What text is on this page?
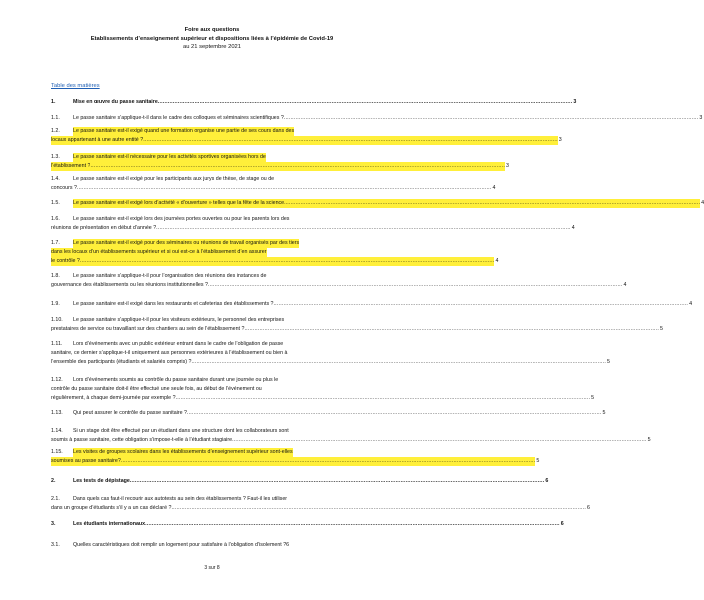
Foire aux questions
Etablissements d’enseignement supérieur et dispositions liées à l’épidémie de Covid-19
au 21 septembre 2021
Table des matières
1.	Mise en œuvre du passe sanitaire .....	3
1.1.	Le passe sanitaire s’applique-t-il dans le cadre des colloques et séminaires scientifiques ? .....	3
1.2.	Le passe sanitaire est-il exigé quand une formation organise une partie de ses cours dans des
locaux appartenant à une autre entité ? .....	3
1.3.	Le passe sanitaire est-il nécessaire pour les activités sportives organisées hors de
l’établissement ? .....	3
1.4.	Le passe sanitaire est-il exigé pour les participants aux jurys de thèse, de stage ou de
concours ? .....	4
1.5.	Le passe sanitaire est-il exigé lors d’activité « d’ouverture » telles que la fête de la science. .....	4
1.6.	Le passe sanitaire est-il exigé lors des journées portes ouvertes ou pour les parents lors des
réunions de présentation en début d’année ? .....	4
1.7.	Le passe sanitaire est-il exigé pour des séminaires ou réunions de travail organisés par des tiers
dans les locaux d’un établissements supérieur et si oui est-ce à l’établissement d’en assurer
le contrôle ? .....	4
1.8.	Le passe sanitaire s’applique-t-il pour l’organisation des réunions des instances de
gouvernance des établissements ou les réunions institutionnelles ? .....	4
1.9.	Le passe sanitaire est-il exigé dans les restaurants et cafeterias des établissements ? .....	4
1.10.	Le passe sanitaire s’applique-t-il pour les visiteurs extérieurs, le personnel des entreprises
prestataires de service ou travaillant sur des chantiers au sein de l’établissement ? .....	5
1.11.	Lors d’événements avec un public extérieur entrant dans le cadre de l’obligation de passe
sanitaire, ce dernier s’applique-t-il uniquement aux personnes extérieures à l’établissement ou bien à
l’ensemble des participants (étudiants et salariés compris) ? .....	5
1.12.	Lors d’événements soumis au contrôle du passe sanitaire durant une journée ou plus le
contrôle du passe sanitaire doit-il être effectué une seule fois, au début de l’événement ou
régulièrement, à chaque demi-journée par exemple ? .....	5
1.13.	Qui peut assurer le contrôle du passe sanitaire ? .....	5
1.14.	Si un stage doit être effectué par un étudiant dans une structure dont les collaborateurs sont
soumis à passe sanitaire, cette obligation s’impose-t-elle à l’étudiant stagiaire .....	5
1.15.	Les visites de groupes scolaires dans les établissements d’enseignement supérieur sont-elles
soumises au passe sanitaire? .....	5
2.	Les tests de dépistage .....	6
2.1.	Dans quels cas faut-il recourir aux autotests au sein des établissements ? Faut-il les utiliser
dans un groupe d’étudiants s’il y a un cas déclaré ? .....	6
3.	Les étudiants internationaux .....	6
3.1.	Quelles caractéristiques doit remplir un logement pour satisfaire à l’obligation d’isolement ?6
3 sur 8
